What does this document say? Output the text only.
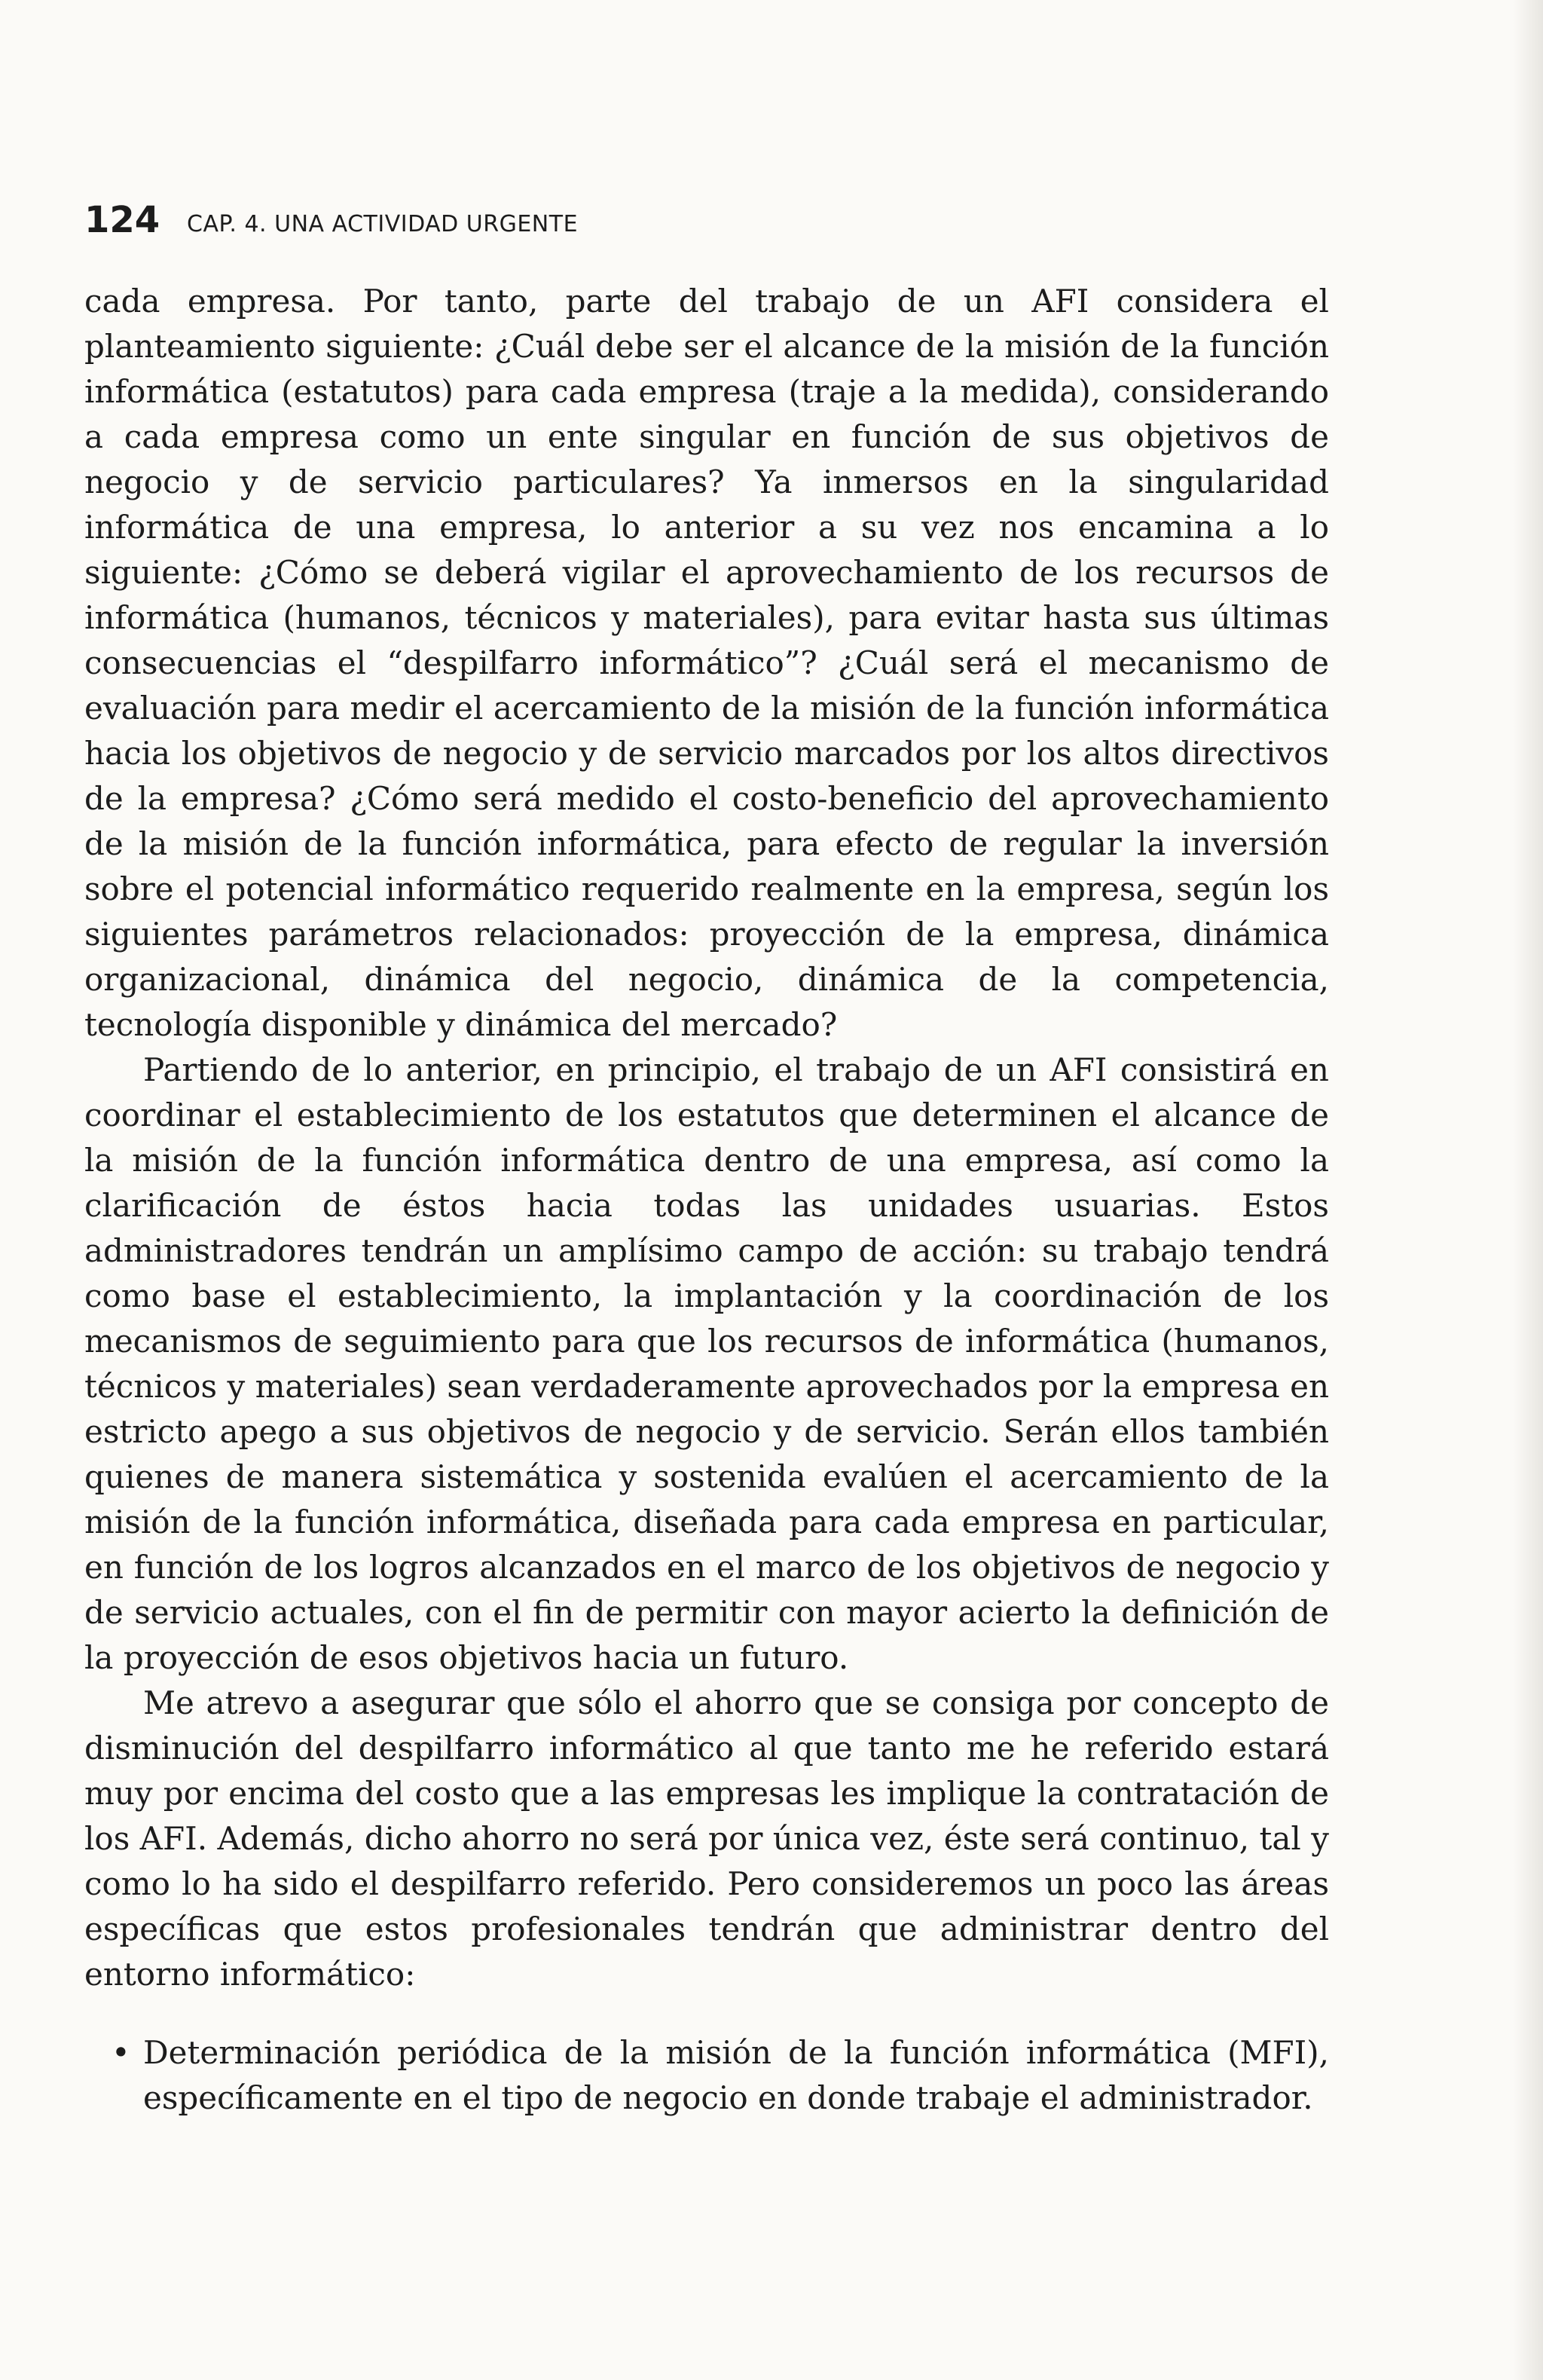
124 CAP. 4. UNA ACTIVIDAD URGENTE

cada empresa. Por tanto, parte del trabajo de un AFI considera el planteamiento siguiente: ¿Cuál debe ser el alcance de la misión de la función informática (estatutos) para cada empresa (traje a la medida), considerando a cada empresa como un ente singular en función de sus objetivos de negocio y de servicio particulares? Ya inmersos en la singularidad informática de una empresa, lo anterior a su vez nos encamina a lo siguiente: ¿Cómo se deberá vigilar el aprovechamiento de los recursos de informática (humanos, técnicos y materiales), para evitar hasta sus últimas consecuencias el “despilfarro informático”? ¿Cuál será el mecanismo de evaluación para medir el acercamiento de la misión de la función informática hacia los objetivos de negocio y de servicio marcados por los altos directivos de la empresa? ¿Cómo será medido el costo-beneficio del aprovechamiento de la misión de la función informática, para efecto de regular la inversión sobre el potencial informático requerido realmente en la empresa, según los siguientes parámetros relacionados: proyección de la empresa, dinámica organizacional, dinámica del negocio, dinámica de la competencia, tecnología disponible y dinámica del mercado?

Partiendo de lo anterior, en principio, el trabajo de un AFI consistirá en coordinar el establecimiento de los estatutos que determinen el alcance de la misión de la función informática dentro de una empresa, así como la clarificación de éstos hacia todas las unidades usuarias. Estos administradores tendrán un amplísimo campo de acción: su trabajo tendrá como base el establecimiento, la implantación y la coordinación de los mecanismos de seguimiento para que los recursos de informática (humanos, técnicos y materiales) sean verdaderamente aprovechados por la empresa en estricto apego a sus objetivos de negocio y de servicio. Serán ellos también quienes de manera sistemática y sostenida evalúen el acercamiento de la misión de la función informática, diseñada para cada empresa en particular, en función de los logros alcanzados en el marco de los objetivos de negocio y de servicio actuales, con el fin de permitir con mayor acierto la definición de la proyección de esos objetivos hacia un futuro.

Me atrevo a asegurar que sólo el ahorro que se consiga por concepto de disminución del despilfarro informático al que tanto me he referido estará muy por encima del costo que a las empresas les implique la contratación de los AFI. Además, dicho ahorro no será por única vez, éste será continuo, tal y como lo ha sido el despilfarro referido. Pero consideremos un poco las áreas específicas que estos profesionales tendrán que administrar dentro del entorno informático:

• Determinación periódica de la misión de la función informática (MFI), específicamente en el tipo de negocio en donde trabaje el administrador.
